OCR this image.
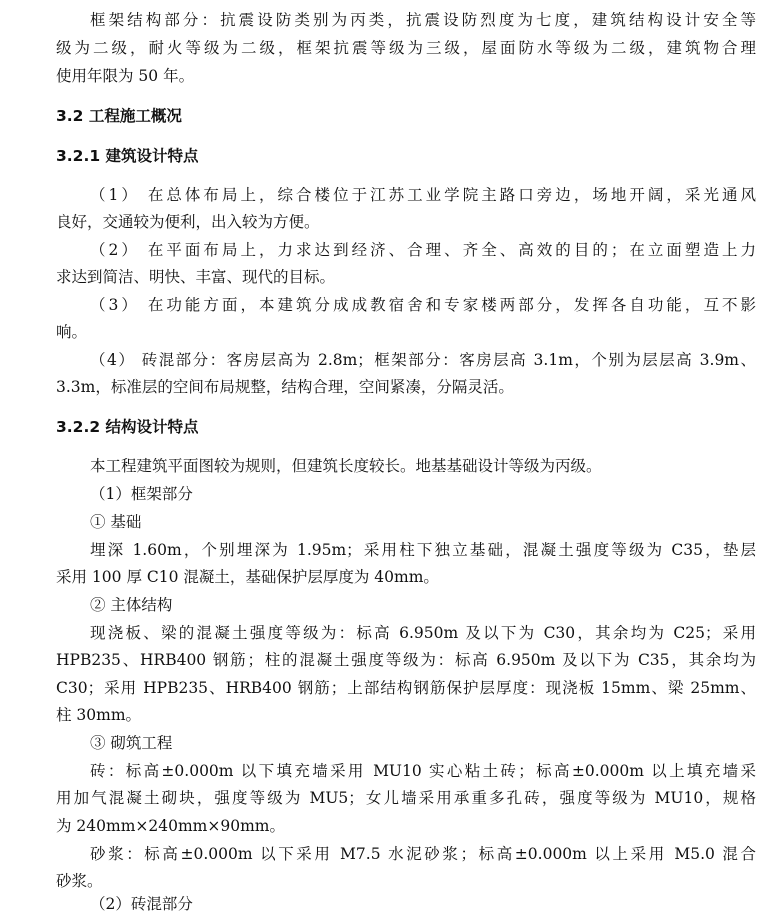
框架结构部分：抗震设防类别为丙类，抗震设防烈度为七度，建筑结构设计安全等
级为二级，耐火等级为二级，框架抗震等级为三级，屋面防水等级为二级，建筑物合理
使用年限为 50 年。
3.2 工程施工概况
3.2.1 建筑设计特点
（1） 在总体布局上，综合楼位于江苏工业学院主路口旁边，场地开阔，采光通风
良好，交通较为便利，出入较为方便。
（2） 在平面布局上，力求达到经济、合理、齐全、高效的目的；在立面塑造上力
求达到简洁、明快、丰富、现代的目标。
（3） 在功能方面，本建筑分成成教宿舍和专家楼两部分，发挥各自功能，互不影
响。
（4） 砖混部分：客房层高为 2.8m；框架部分：客房层高 3.1m，个别为层层高 3.9m、
3.3m，标准层的空间布局规整，结构合理，空间紧凑，分隔灵活。
3.2.2 结构设计特点
本工程建筑平面图较为规则，但建筑长度较长。地基基础设计等级为丙级。
（1）框架部分
① 基础
埋深 1.60m，个别埋深为 1.95m；采用柱下独立基础，混凝土强度等级为 C35，垫层
采用 100 厚 C10 混凝土，基础保护层厚度为 40mm。
② 主体结构
现浇板、梁的混凝土强度等级为：标高 6.950m 及以下为 C30，其余均为 C25；采用
HPB235、HRB400 钢筋；柱的混凝土强度等级为：标高 6.950m 及以下为 C35，其余均为
C30；采用 HPB235、HRB400 钢筋；上部结构钢筋保护层厚度：现浇板 15mm、梁 25mm、
柱 30mm。
③ 砌筑工程
砖：标高±0.000m 以下填充墙采用 MU10 实心粘土砖；标高±0.000m 以上填充墙采
用加气混凝土砌块，强度等级为 MU5；女儿墙采用承重多孔砖，强度等级为 MU10，规格
为 240mm×240mm×90mm。
砂浆：标高±0.000m 以下采用 M7.5 水泥砂浆；标高±0.000m 以上采用 M5.0 混合
砂浆。
（2）砖混部分
